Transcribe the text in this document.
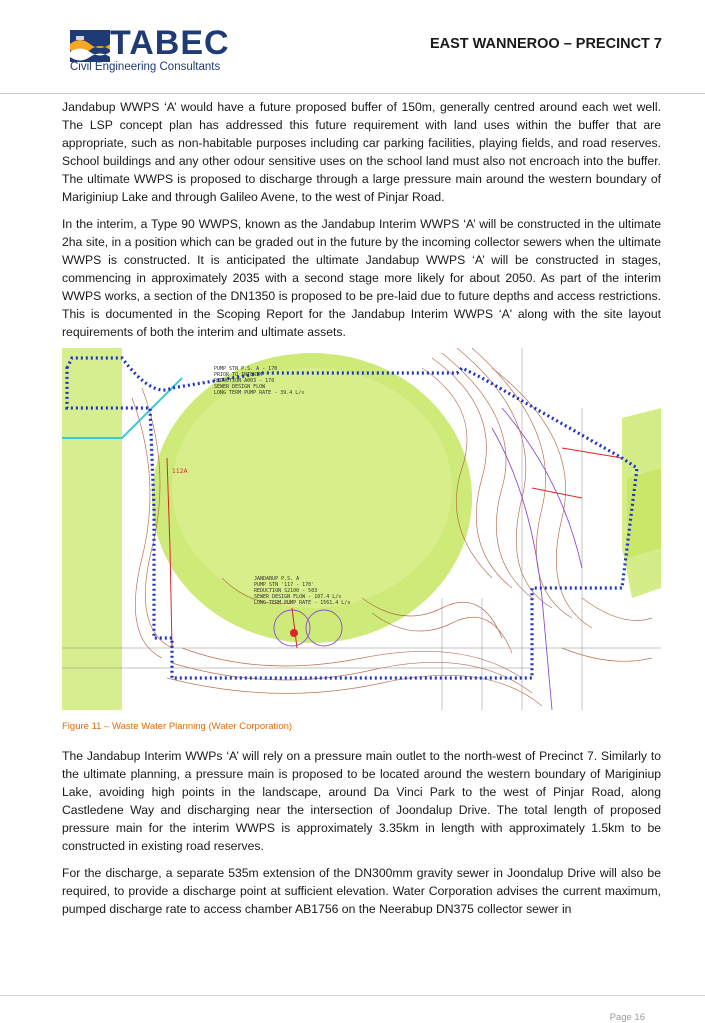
TABEC
Civil Engineering Consultants
EAST WANNEROO – PRECINCT 7

Jandabup WWPS ‘A’ would have a future proposed buffer of 150m, generally centred around each wet well. The LSP concept plan has addressed this future requirement with land uses within the buffer that are appropriate, such as non-habitable purposes including car parking facilities, playing fields, and road reserves. School buildings and any other odour sensitive uses on the school land must also not encroach into the buffer. The ultimate WWPS is proposed to discharge through a large pressure main around the western boundary of Mariginiup Lake and through Galileo Avene, to the west of Pinjar Road.

In the interim, a Type 90 WWPS, known as the Jandabup Interim WWPS ‘A’ will be constructed in the ultimate 2ha site, in a position which can be graded out in the future by the incoming collector sewers when the ultimate WWPS is constructed. It is anticipated the ultimate Jandabup WWPS ‘A’ will be constructed in stages, commencing in approximately 2035 with a second stage more likely for about 2050. As part of the interim WWPS works, a section of the DN1350 is proposed to be pre-laid due to future depths and access restrictions. This is documented in the Scoping Report for the Jandabup Interim WWPS ‘A' along with the site layout requirements of both the interim and ultimate assets.

PUMP STN P.S. A - 170
PRIOR TO INTERIM
REDUCTION A003 - 170
SEWER DESIGN FLOW
LONG TERM PUMP RATE - 39.4 L/s
JANDABUP P.S. A
PUMP STN '117 - 170'
REDUCTION S2100 - 503
SEWER DESIGN FLOW - 107.4 L/s
LONG TERM PUMP RATE - 1561.4 L/s
112A
Figure 11 – Waste Water Planning (Water Corporation)

The Jandabup Interim WWPs ‘A’ will rely on a pressure main outlet to the north-west of Precinct 7. Similarly to the ultimate planning, a pressure main is proposed to be located around the western boundary of Mariginiup Lake, avoiding high points in the landscape, around Da Vinci Park to the west of Pinjar Road, along Castledene Way and discharging near the intersection of Joondalup Drive. The total length of proposed pressure main for the interim WWPS is approximately 3.35km in length with approximately 1.5km to be constructed in existing road reserves.

For the discharge, a separate 535m extension of the DN300mm gravity sewer in Joondalup Drive will also be required, to provide a discharge point at sufficient elevation. Water Corporation advises the current maximum, pumped discharge rate to access chamber AB1756 on the Neerabup DN375 collector sewer in

Page 16
